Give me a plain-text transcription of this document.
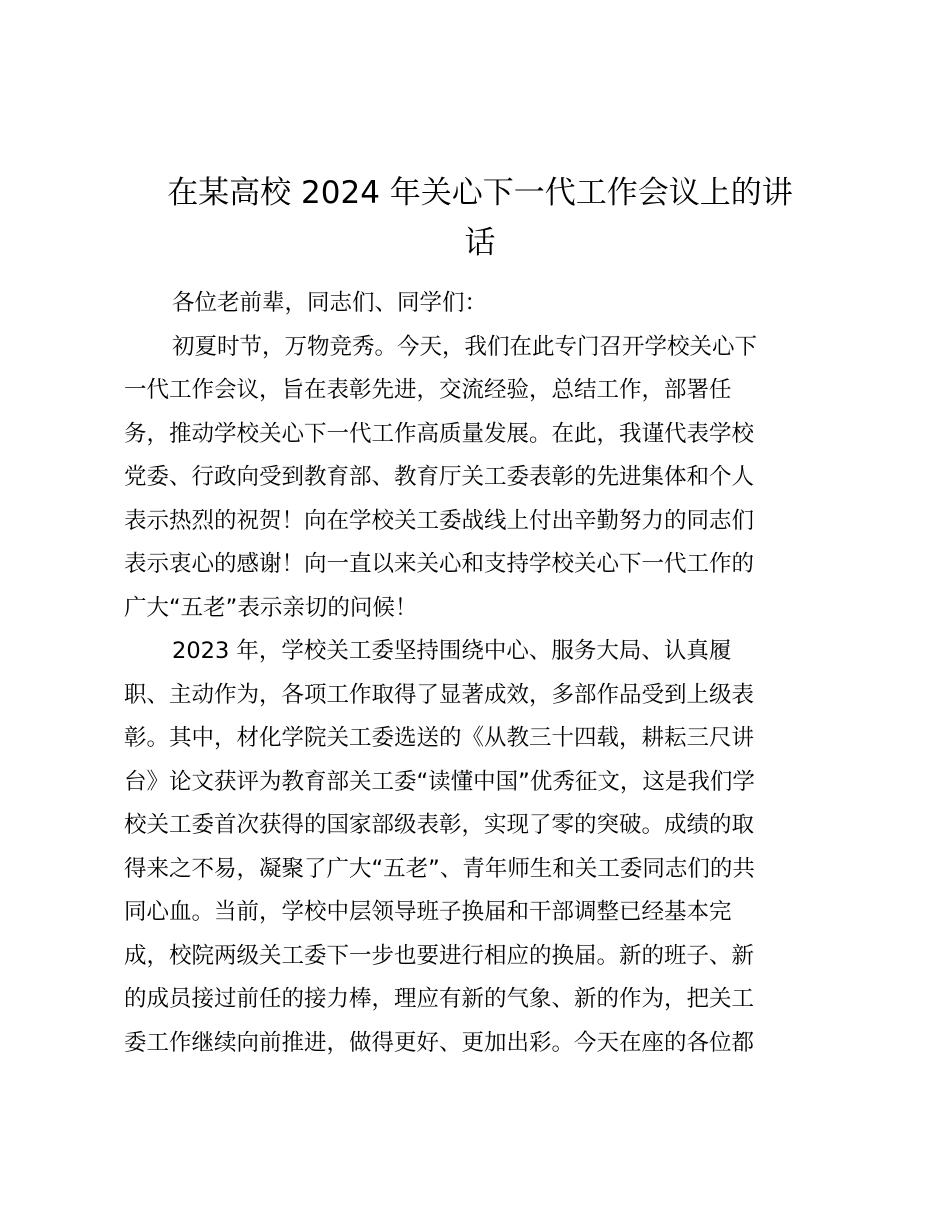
在某高校 2024 年关心下一代工作会议上的讲
话
各位老前辈，同志们、同学们：
初夏时节，万物竞秀。今天，我们在此专门召开学校关心下
一代工作会议，旨在表彰先进，交流经验，总结工作，部署任
务，推动学校关心下一代工作高质量发展。在此，我谨代表学校
党委、行政向受到教育部、教育厅关工委表彰的先进集体和个人
表示热烈的祝贺！向在学校关工委战线上付出辛勤努力的同志们
表示衷心的感谢！向一直以来关心和支持学校关心下一代工作的
广大“五老”表示亲切的问候！
2023 年，学校关工委坚持围绕中心、服务大局、认真履
职、主动作为，各项工作取得了显著成效，多部作品受到上级表
彰。其中，材化学院关工委选送的《从教三十四载，耕耘三尺讲
台》论文获评为教育部关工委“读懂中国”优秀征文，这是我们学
校关工委首次获得的国家部级表彰，实现了零的突破。成绩的取
得来之不易，凝聚了广大“五老”、青年师生和关工委同志们的共
同心血。当前，学校中层领导班子换届和干部调整已经基本完
成，校院两级关工委下一步也要进行相应的换届。新的班子、新
的成员接过前任的接力棒，理应有新的气象、新的作为，把关工
委工作继续向前推进，做得更好、更加出彩。今天在座的各位都
